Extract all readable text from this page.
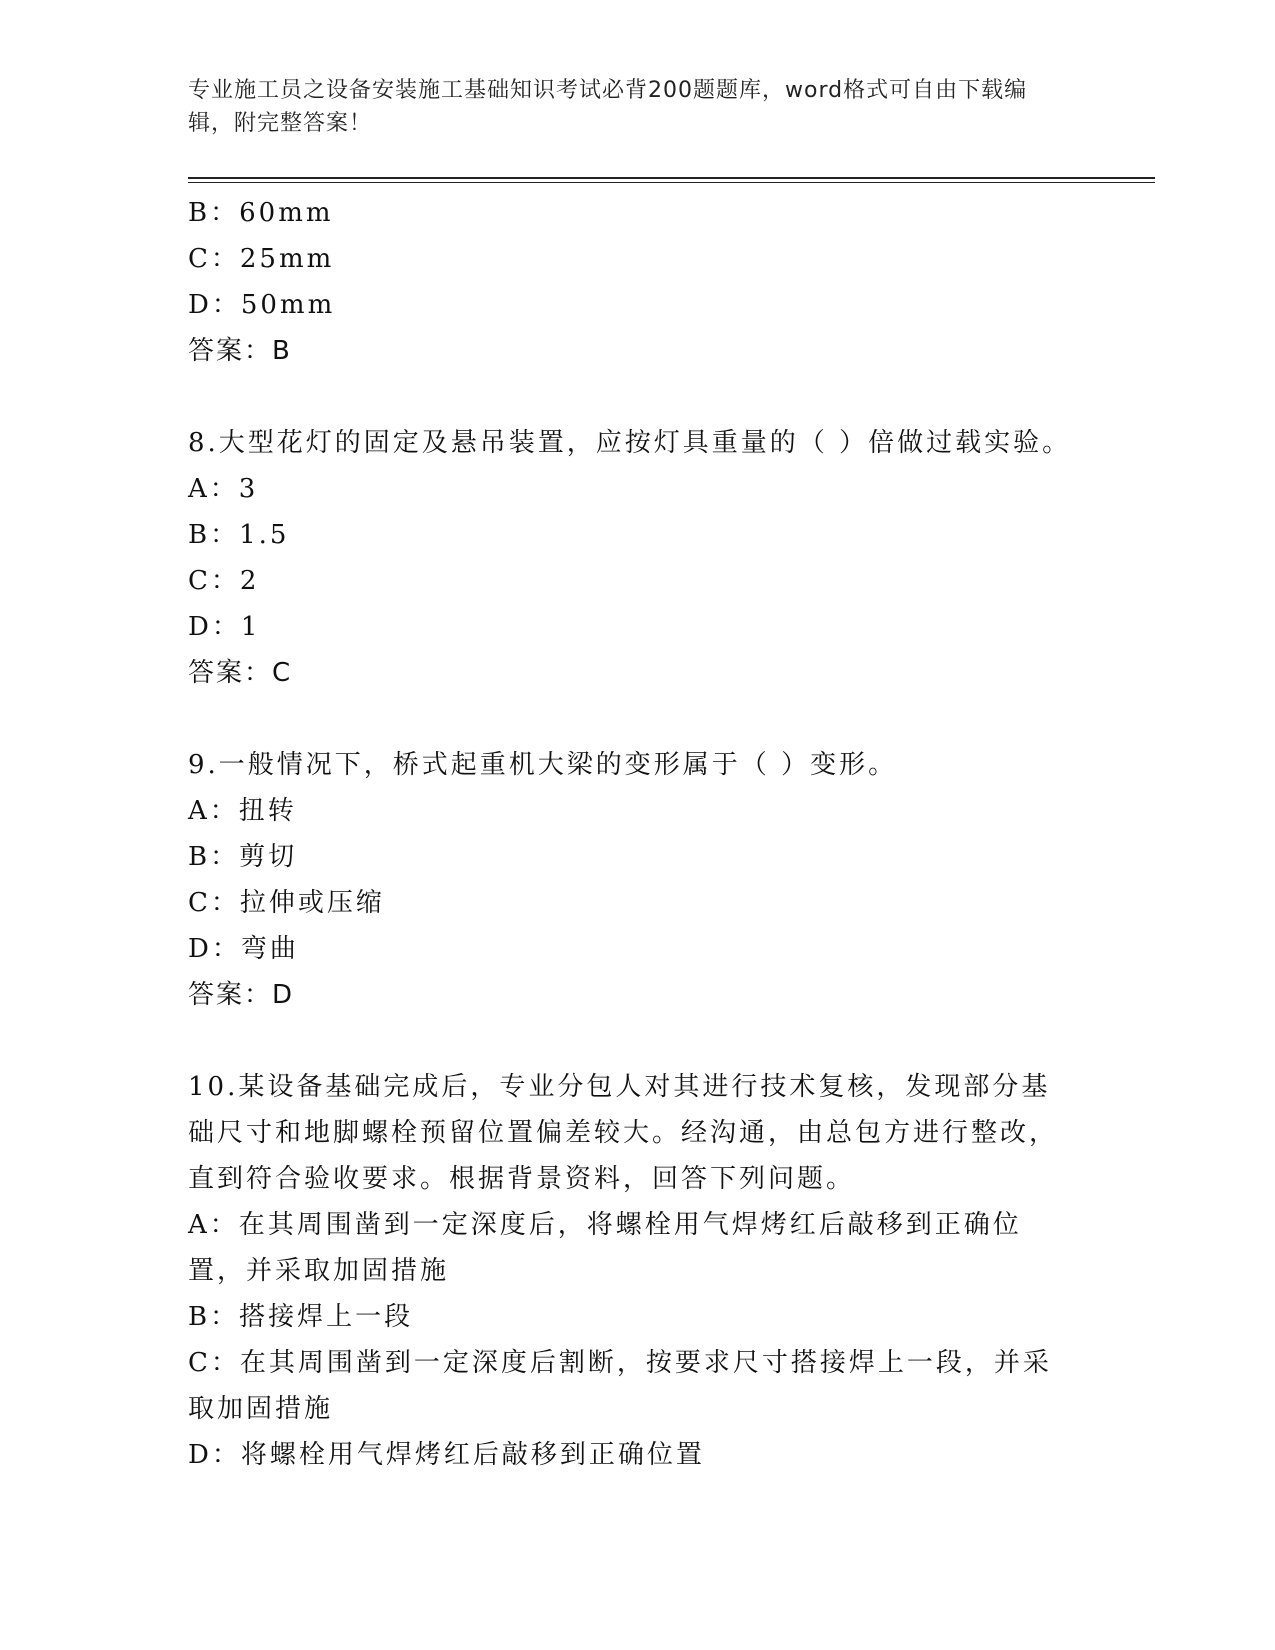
专业施工员之设备安装施工基础知识考试必背200题题库，word格式可自由下载编辑，附完整答案！
B：60mm
C：25mm
D：50mm
答案：B
8.大型花灯的固定及悬吊装置，应按灯具重量的（ ）倍做过载实验。
A：3
B：1.5
C：2
D：1
答案：C
9.一般情况下，桥式起重机大梁的变形属于（ ）变形。
A：扭转
B：剪切
C：拉伸或压缩
D：弯曲
答案：D
10.某设备基础完成后，专业分包人对其进行技术复核，发现部分基础尺寸和地脚螺栓预留位置偏差较大。经沟通，由总包方进行整改，直到符合验收要求。根据背景资料，回答下列问题。
A：在其周围凿到一定深度后，将螺栓用气焊烤红后敲移到正确位置，并采取加固措施
B：搭接焊上一段
C：在其周围凿到一定深度后割断，按要求尺寸搭接焊上一段，并采取加固措施
D：将螺栓用气焊烤红后敲移到正确位置
